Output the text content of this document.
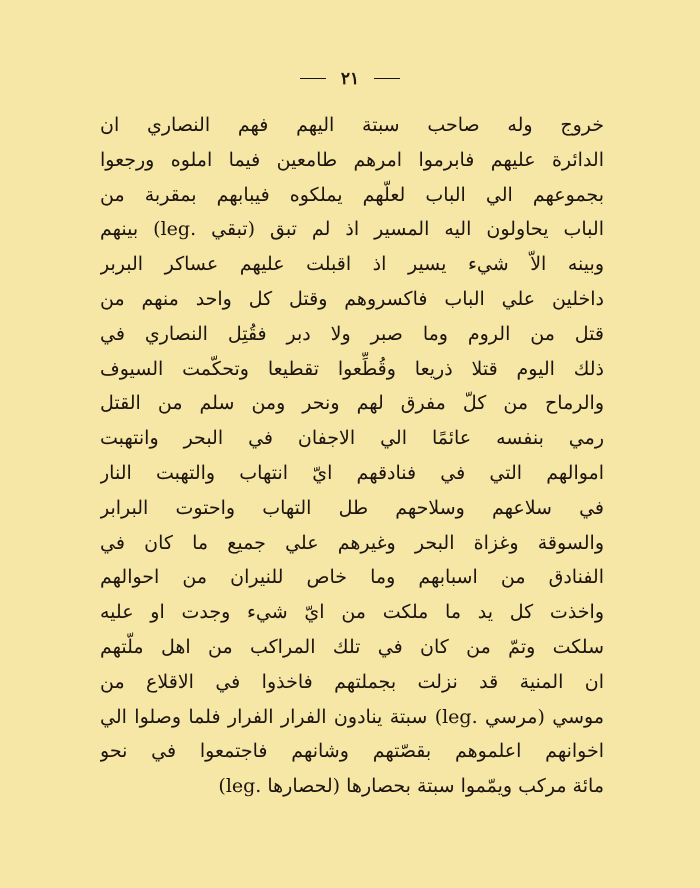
٢١
خروج وله صاحب سبتة اليهم فهم النصاري ان
الدائرة عليهم فابرموا امرهم طامعين فيما املوه ورجعوا
بجموعهم الي الباب لعلّهم يملكوه فيبابهم بمقربة من
الباب يحاولون اليه المسير اذ لم تبق (تبقي .leg) بينهم
وبينه الاّ شيء يسير اذ اقبلت عليهم عساكر البربر
داخلين علي الباب فاكسروهم وقتل كل واحد منهم من
قتل من الروم وما صبر ولا دبر فقُتِل النصاري في
ذلك اليوم قتلا ذريعا وقُطِّعوا تقطيعا وتحكّمت السيوف
والرماح من كلّ مفرق لهم ونحر ومن سلم من القتل
رمي بنفسه عائمًا الي الاجفان في البحر وانتهبت
اموالهم التي في فنادقهم ايّ انتهاب والتهبت النار
في سلاعهم وسلاحهم طل التهاب واحتوت البرابر
والسوقة وغزاة البحر وغيرهم علي جميع ما كان في
الفنادق من اسبابهم وما خاص للنيران من احوالهم
واخذت كل يد ما ملكت من ايّ شيء وجدت او عليه
سلكت وتمّ من كان في تلك المراكب من اهل ملّتهم
ان المنية قد نزلت بجملتهم فاخذوا في الاقلاع من
موسي (مرسي .leg) سبتة ينادون الفرار الفرار فلما وصلوا الي
اخوانهم اعلموهم بقصّتهم وشانهم فاجتمعوا في نحو
مائة مركب ويمّموا سبتة بحصارها (لحصارها .leg)
